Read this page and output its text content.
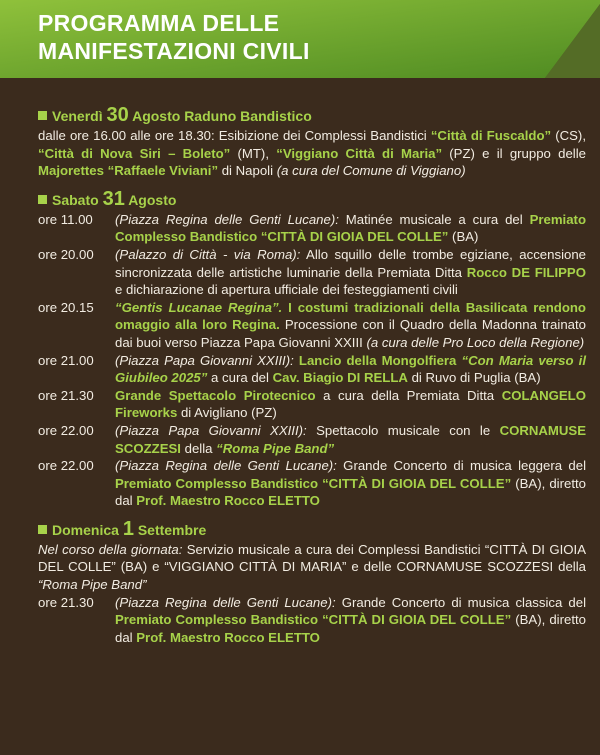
PROGRAMMA DELLE
MANIFESTAZIONI CIVILI
Venerdì 30 Agosto Raduno Bandistico

dalle ore 16.00 alle ore 18.30: Esibizione dei Complessi Bandistici “Città di Fuscaldo” (CS), “Città di Nova Siri – Boleto” (MT), “Viggiano Città di Maria” (PZ) e il gruppo delle Majorettes “Raffaele Viviani” di Napoli (a cura del Comune di Viggiano)

Sabato 31 Agosto
ore 11.00	(Piazza Regina delle Genti Lucane): Matinée musicale a cura del Premiato Complesso Bandistico “CITTÀ DI GIOIA DEL COLLE” (BA)
ore 20.00	(Palazzo di Città - via Roma): Allo squillo delle trombe egiziane, accensione sincronizzata delle artistiche luminarie della Premiata Ditta Rocco DE FILIPPO e dichiarazione di apertura ufficiale dei festeggiamenti civili
ore 20.15	“Gentis Lucanae Regina”. I costumi tradizionali della Basilicata rendono omaggio alla loro Regina. Processione con il Quadro della Madonna trainato dai buoi verso Piazza Papa Giovanni XXIII (a cura delle Pro Loco della Regione)
ore 21.00	(Piazza Papa Giovanni XXIII): Lancio della Mongolfiera “Con Maria verso il Giubileo 2025” a cura del Cav. Biagio DI RELLA di Ruvo di Puglia (BA)
ore 21.30	Grande Spettacolo Pirotecnico a cura della Premiata Ditta COLANGELO Fireworks di Avigliano (PZ)
ore 22.00	(Piazza Papa Giovanni XXIII): Spettacolo musicale con le CORNAMUSE SCOZZESI della “Roma Pipe Band”
ore 22.00	(Piazza Regina delle Genti Lucane): Grande Concerto di musica leggera del Premiato Complesso Bandistico “CITTÀ DI GIOIA DEL COLLE” (BA), diretto dal Prof. Maestro Rocco ELETTO
Domenica 1 Settembre

Nel corso della giornata: Servizio musicale a cura dei Complessi Bandistici “CITTÀ DI GIOIA DEL COLLE” (BA) e “VIGGIANO CITTÀ DI MARIA” e delle CORNAMUSE SCOZZESI della “Roma Pipe Band”

ore 21.30	(Piazza Regina delle Genti Lucane): Grande Concerto di musica classica del Premiato Complesso Bandistico “CITTÀ DI GIOIA DEL COLLE” (BA), diretto dal Prof. Maestro Rocco ELETTO
